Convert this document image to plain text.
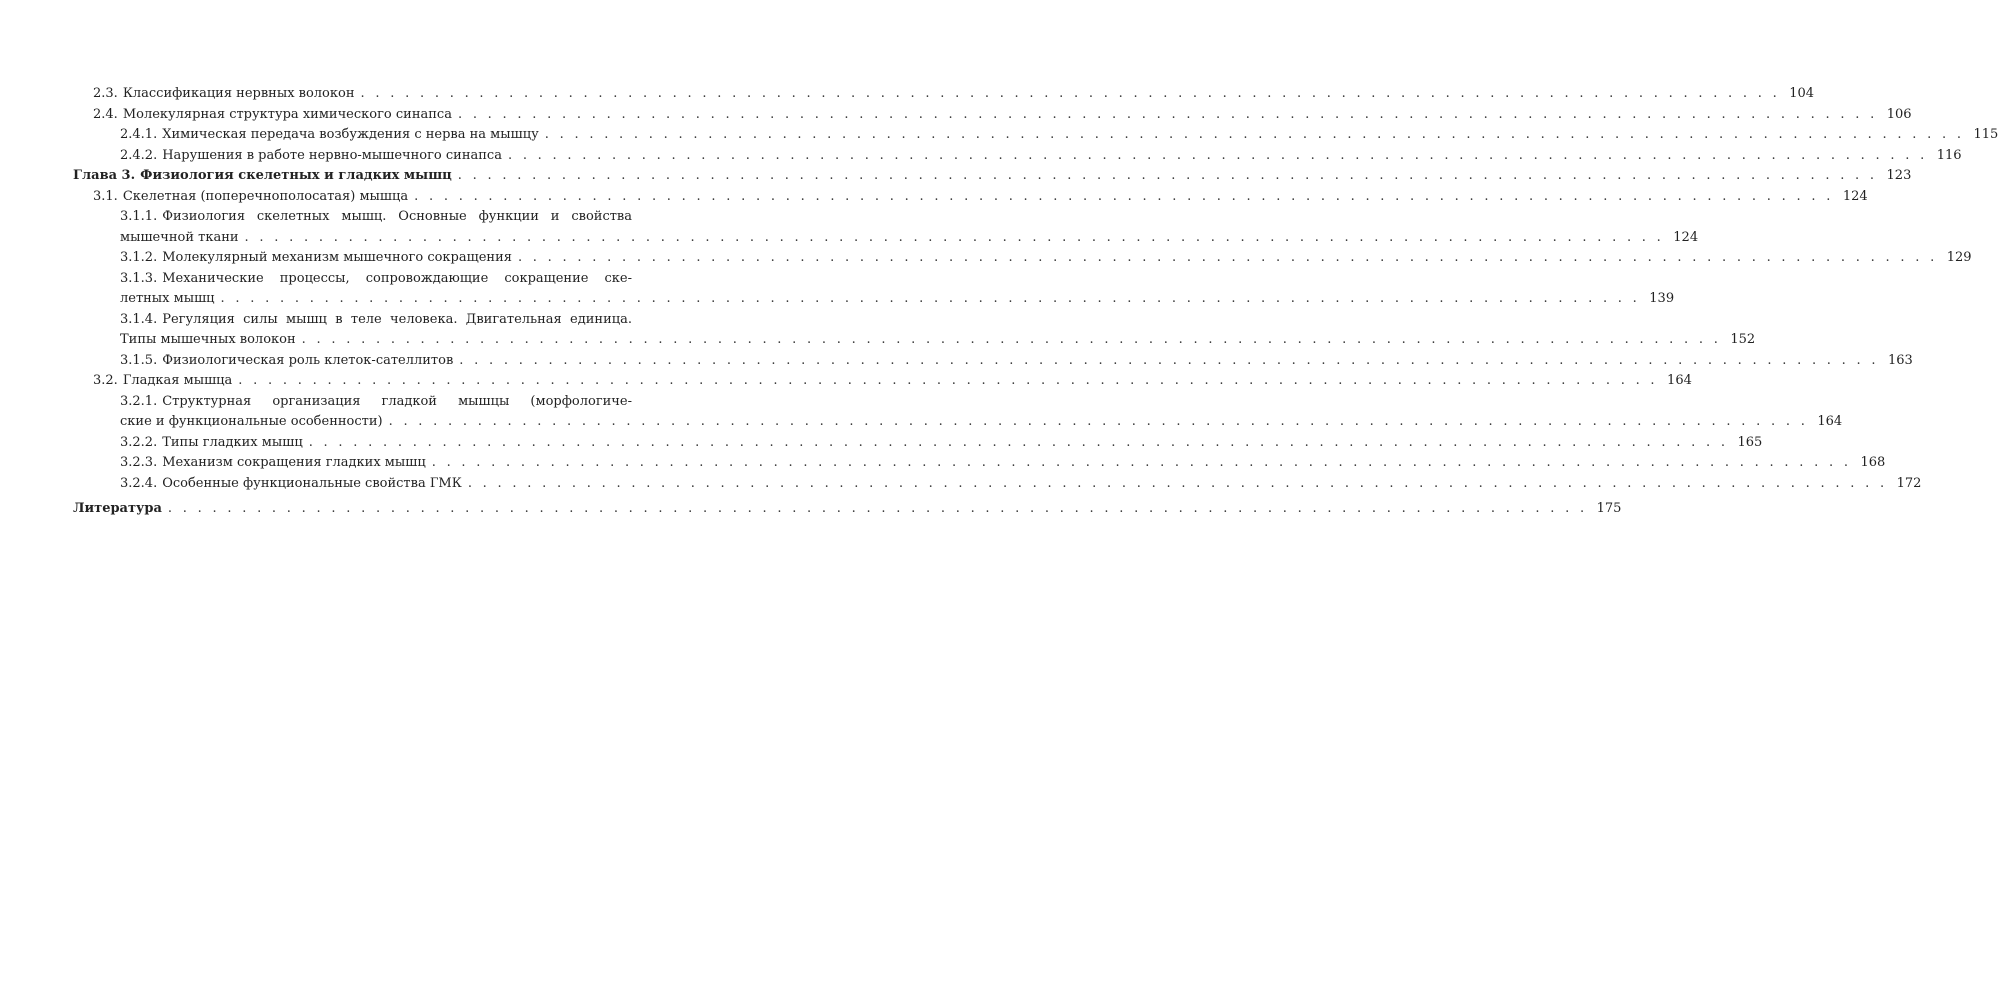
2.3. Классификация нервных волокон . . . . . . . . . . . . . . . . . . . . . . . . . . . . . . . . . . . . . . . . . . . . . . . . . . . . . . . . . . . . . . . . . . . . . . . . . . . . . . . . . . . . . . . . . . . . . . . . 104
2.4. Молекулярная структура химического синапса . . . . . . . . . . . . . . . . . . . . . . . . . . . . . . . . . . . . . . . . . . . . . . . . . . . . . . . . . . . . . . . . . . . . . . . . . . . . . . . . . . . . . . . . . . . . . . . . 106
2.4.1. Химическая передача возбуждения с нерва на мышцу . . . . . . . . . . . . . . . . . . . . . . . . . . . . . . . . . . . . . . . . . . . . . . . . . . . . . . . . . . . . . . . . . . . . . . . . . . . . . . . . . . . . . . . . . . . . . . . . 115
2.4.2. Нарушения в работе нервно-мышечного синапса . . . . . . . . . . . . . . . . . . . . . . . . . . . . . . . . . . . . . . . . . . . . . . . . . . . . . . . . . . . . . . . . . . . . . . . . . . . . . . . . . . . . . . . . . . . . . . . . 116
Глава 3. Физиология скелетных и гладких мышц . . . . . . . . . . . . . . . . . . . . . . . . . . . . . . . . . . . . . . . . . . . . . . . . . . . . . . . . . . . . . . . . . . . . . . . . . . . . . . . . . . . . . . . . . . . . . . . . 123
3.1. Скелетная (поперечнополосатая) мышца . . . . . . . . . . . . . . . . . . . . . . . . . . . . . . . . . . . . . . . . . . . . . . . . . . . . . . . . . . . . . . . . . . . . . . . . . . . . . . . . . . . . . . . . . . . . . . . . 124
3.1.1. Физиология скелетных мышц. Основные функции и свойства
мышечной ткани . . . . . . . . . . . . . . . . . . . . . . . . . . . . . . . . . . . . . . . . . . . . . . . . . . . . . . . . . . . . . . . . . . . . . . . . . . . . . . . . . . . . . . . . . . . . . . . . 124
3.1.2. Молекулярный механизм мышечного сокращения . . . . . . . . . . . . . . . . . . . . . . . . . . . . . . . . . . . . . . . . . . . . . . . . . . . . . . . . . . . . . . . . . . . . . . . . . . . . . . . . . . . . . . . . . . . . . . . . 129
3.1.3. Механические процессы, сопровождающие сокращение ске-
летных мышц . . . . . . . . . . . . . . . . . . . . . . . . . . . . . . . . . . . . . . . . . . . . . . . . . . . . . . . . . . . . . . . . . . . . . . . . . . . . . . . . . . . . . . . . . . . . . . . . 139
3.1.4. Регуляция силы мышц в теле человека. Двигательная единица.
Типы мышечных волокон . . . . . . . . . . . . . . . . . . . . . . . . . . . . . . . . . . . . . . . . . . . . . . . . . . . . . . . . . . . . . . . . . . . . . . . . . . . . . . . . . . . . . . . . . . . . . . . . 152
3.1.5. Физиологическая роль клеток-сателлитов . . . . . . . . . . . . . . . . . . . . . . . . . . . . . . . . . . . . . . . . . . . . . . . . . . . . . . . . . . . . . . . . . . . . . . . . . . . . . . . . . . . . . . . . . . . . . . . . 163
3.2. Гладкая мышца . . . . . . . . . . . . . . . . . . . . . . . . . . . . . . . . . . . . . . . . . . . . . . . . . . . . . . . . . . . . . . . . . . . . . . . . . . . . . . . . . . . . . . . . . . . . . . . . 164
3.2.1. Структурная организация гладкой мышцы (морфологиче-
ские и функциональные особенности) . . . . . . . . . . . . . . . . . . . . . . . . . . . . . . . . . . . . . . . . . . . . . . . . . . . . . . . . . . . . . . . . . . . . . . . . . . . . . . . . . . . . . . . . . . . . . . . . 164
3.2.2. Типы гладких мышц . . . . . . . . . . . . . . . . . . . . . . . . . . . . . . . . . . . . . . . . . . . . . . . . . . . . . . . . . . . . . . . . . . . . . . . . . . . . . . . . . . . . . . . . . . . . . . . . 165
3.2.3. Механизм сокращения гладких мышц . . . . . . . . . . . . . . . . . . . . . . . . . . . . . . . . . . . . . . . . . . . . . . . . . . . . . . . . . . . . . . . . . . . . . . . . . . . . . . . . . . . . . . . . . . . . . . . . 168
3.2.4. Особенные функциональные свойства ГМК . . . . . . . . . . . . . . . . . . . . . . . . . . . . . . . . . . . . . . . . . . . . . . . . . . . . . . . . . . . . . . . . . . . . . . . . . . . . . . . . . . . . . . . . . . . . . . . . 172
Литература . . . . . . . . . . . . . . . . . . . . . . . . . . . . . . . . . . . . . . . . . . . . . . . . . . . . . . . . . . . . . . . . . . . . . . . . . . . . . . . . . . . . . . . . . . . . . . . . 175
